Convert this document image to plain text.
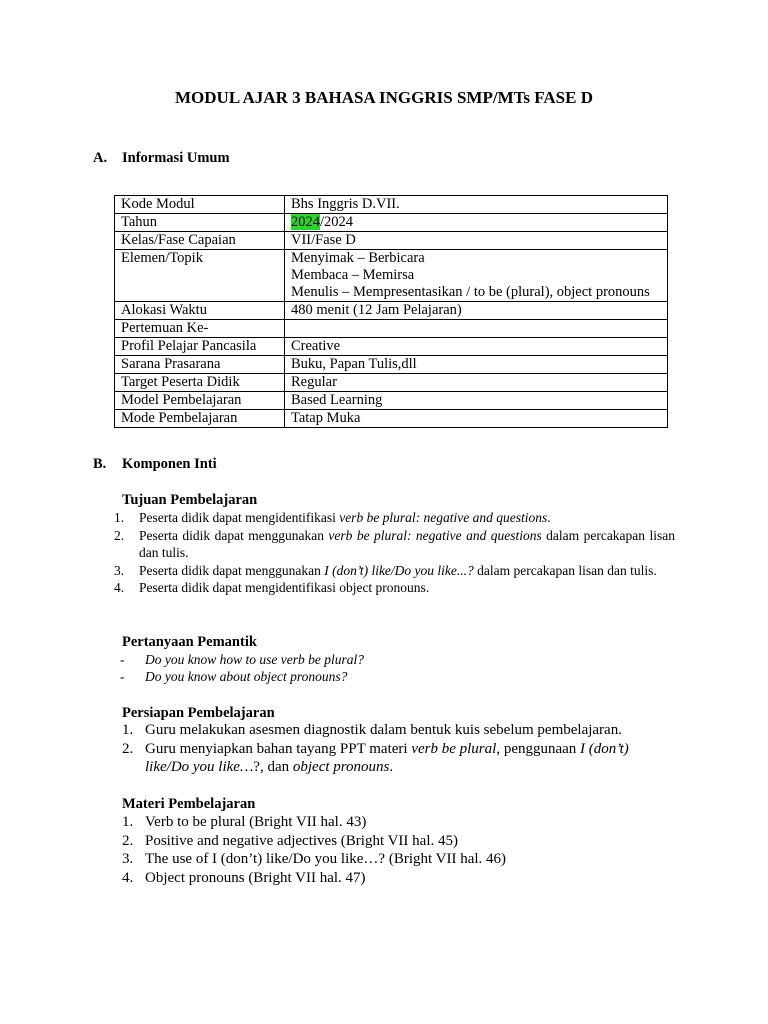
MODUL AJAR 3 BAHASA INGGRIS SMP/MTs FASE D
A. Informasi Umum
Kode Modul	Bhs Inggris D.VII.
Tahun	2024/2024
Kelas/Fase Capaian	VII/Fase D
Elemen/Topik	Menyimak – Berbicara
Membaca – Memirsa
Menulis – Mempresentasikan / to be (plural), object pronouns

Alokasi Waktu	480 menit (12 Jam Pelajaran)
Pertemuan Ke-	
Profil Pelajar Pancasila	Creative
Sarana Prasarana	Buku, Papan Tulis,dll
Target Peserta Didik	Regular
Model Pembelajaran	Based Learning
Mode Pembelajaran	Tatap Muka
B. Komponen Inti
Tujuan Pembelajaran
1. Peserta didik dapat mengidentifikasi verb be plural: negative and questions.
2. Peserta didik dapat menggunakan verb be plural: negative and questions dalam percakapan lisan dan tulis.
3. Peserta didik dapat menggunakan I (don’t) like/Do you like...? dalam percakapan lisan dan tulis.
4. Peserta didik dapat mengidentifikasi object pronouns.
Pertanyaan Pemantik
- Do you know how to use verb be plural?
- Do you know about object pronouns?
Persiapan Pembelajaran
1. Guru melakukan asesmen diagnostik dalam bentuk kuis sebelum pembelajaran.
2. Guru menyiapkan bahan tayang PPT materi verb be plural, penggunaan I (don’t) like/Do you like…?, dan object pronouns.
Materi Pembelajaran
1. Verb to be plural (Bright VII hal. 43)
2. Positive and negative adjectives (Bright VII hal. 45)
3. The use of I (don’t) like/Do you like…? (Bright VII hal. 46)
4. Object pronouns (Bright VII hal. 47)
